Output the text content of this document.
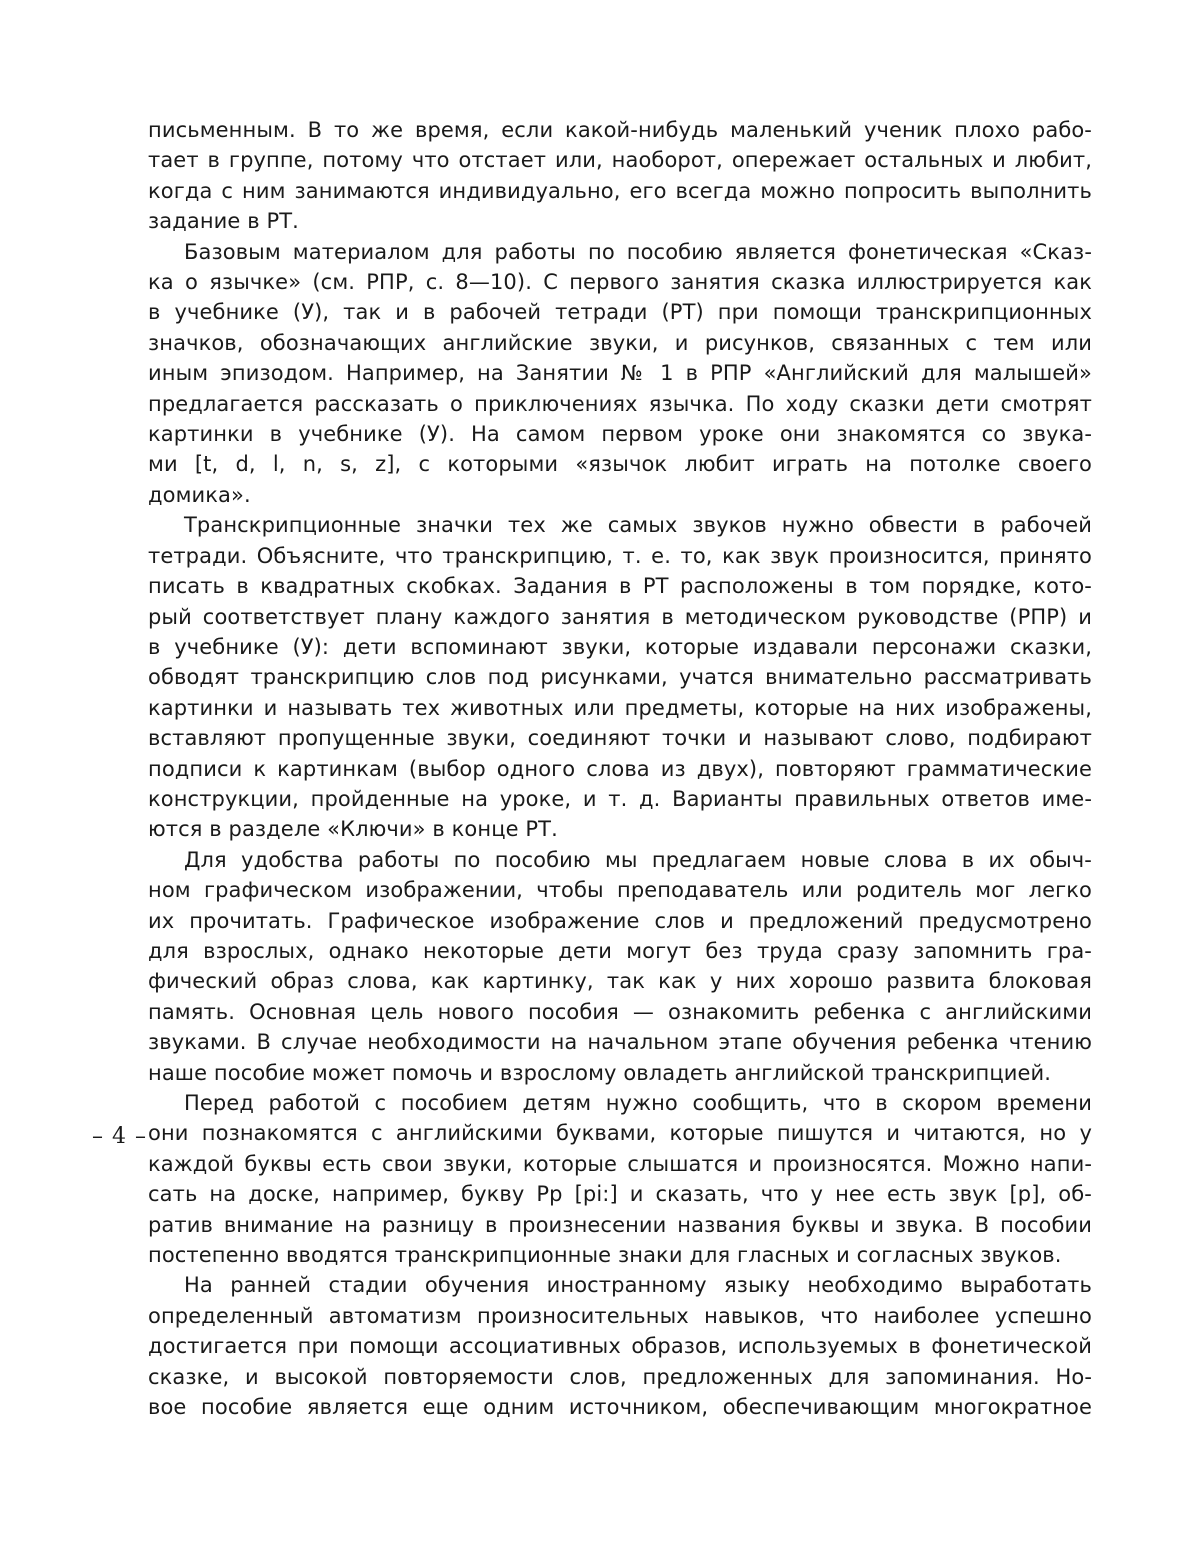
письменным. В то же время, если какой-нибудь маленький ученик плохо рабо-
тает в группе, потому что отстает или, наоборот, опережает остальных и любит,
когда с ним занимаются индивидуально, его всегда можно попросить выполнить
задание в РТ.
Базовым материалом для работы по пособию является фонетическая «Сказ-
ка о язычке» (см. РПР, с. 8—10). С первого занятия сказка иллюстрируется как
в учебнике (У), так и в рабочей тетради (РТ) при помощи транскрипционных
значков, обозначающих английские звуки, и рисунков, связанных с тем или
иным эпизодом. Например, на Занятии № 1 в РПР «Английский для малышей»
предлагается рассказать о приключениях язычка. По ходу сказки дети смотрят
картинки в учебнике (У). На самом первом уроке они знакомятся со звука-
ми [t, d, l, n, s, z], с которыми «язычок любит играть на потолке своего
домика».
Транскрипционные значки тех же самых звуков нужно обвести в рабочей
тетради. Объясните, что транскрипцию, т. е. то, как звук произносится, принято
писать в квадратных скобках. Задания в РТ расположены в том порядке, кото-
рый соответствует плану каждого занятия в методическом руководстве (РПР) и
в учебнике (У): дети вспоминают звуки, которые издавали персонажи сказки,
обводят транскрипцию слов под рисунками, учатся внимательно рассматривать
картинки и называть тех животных или предметы, которые на них изображены,
вставляют пропущенные звуки, соединяют точки и называют слово, подбирают
подписи к картинкам (выбор одного слова из двух), повторяют грамматические
конструкции, пройденные на уроке, и т. д. Варианты правильных ответов име-
ются в разделе «Ключи» в конце РТ.
Для удобства работы по пособию мы предлагаем новые слова в их обыч-
ном графическом изображении, чтобы преподаватель или родитель мог легко
их прочитать. Графическое изображение слов и предложений предусмотрено
для взрослых, однако некоторые дети могут без труда сразу запомнить гра-
фический образ слова, как картинку, так как у них хорошо развита блоковая
память. Основная цель нового пособия — ознакомить ребенка с английскими
звуками. В случае необходимости на начальном этапе обучения ребенка чтению
наше пособие может помочь и взрослому овладеть английской транскрипцией.
Перед работой с пособием детям нужно сообщить, что в скором времени
они познакомятся с английскими буквами, которые пишутся и читаются, но у
каждой буквы есть свои звуки, которые слышатся и произносятся. Можно напи-
сать на доске, например, букву Рр [pi:] и сказать, что у нее есть звук [p], об-
ратив внимание на разницу в произнесении названия буквы и звука. В пособии
постепенно вводятся транскрипционные знаки для гласных и согласных звуков.
На ранней стадии обучения иностранному языку необходимо выработать
определенный автоматизм произносительных навыков, что наиболее успешно
достигается при помощи ассоциативных образов, используемых в фонетической
сказке, и высокой повторяемости слов, предложенных для запоминания. Но-
вое пособие является еще одним источником, обеспечивающим многократное
– 4 –
